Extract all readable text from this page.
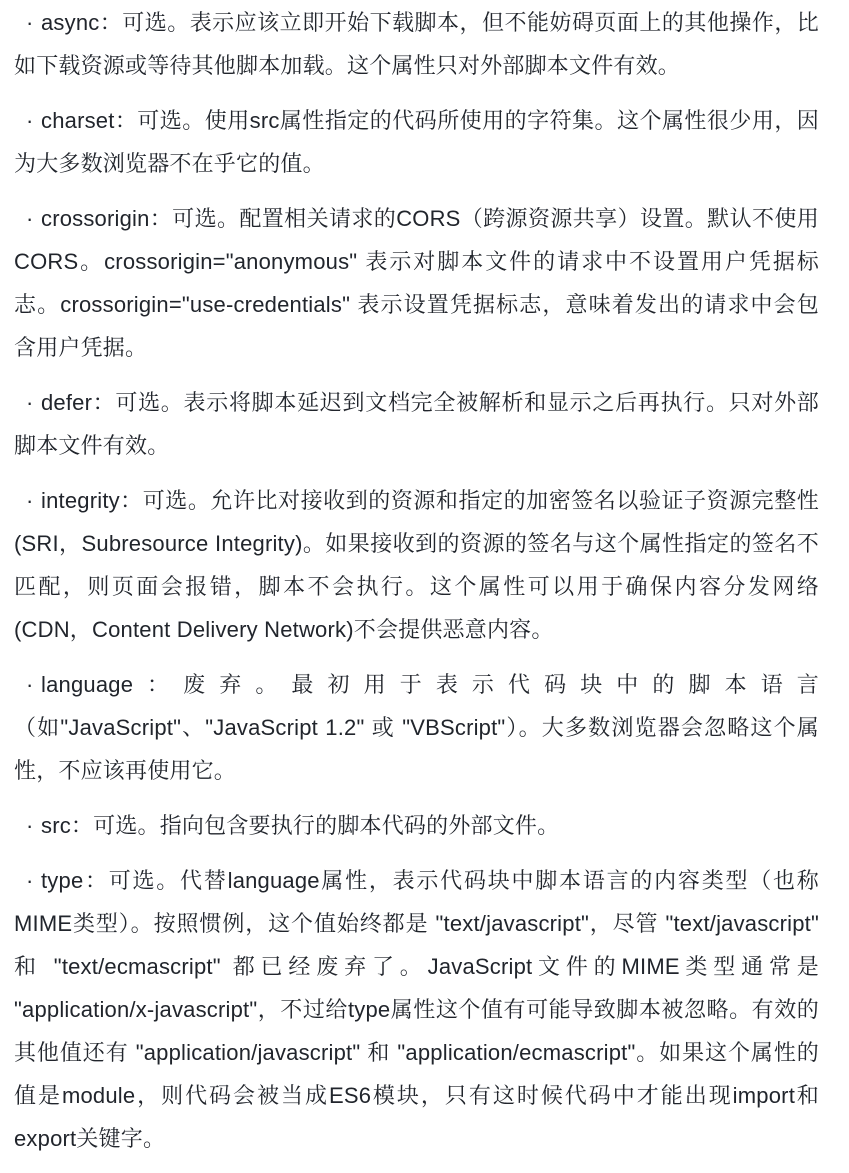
· async：可选。表示应该立即开始下载脚本，但不能妨碍页面上的其他操作，比如下载资源或等待其他脚本加载。这个属性只对外部脚本文件有效。

· charset：可选。使用src属性指定的代码所使用的字符集。这个属性很少用，因为大多数浏览器不在乎它的值。

· crossorigin：可选。配置相关请求的CORS（跨源资源共享）设置。默认不使用CORS。crossorigin="anonymous" 表示对脚本文件的请求中不设置用户凭据标志。crossorigin="use-credentials" 表示设置凭据标志，意味着发出的请求中会包含用户凭据。

· defer：可选。表示将脚本延迟到文档完全被解析和显示之后再执行。只对外部脚本文件有效。

· integrity：可选。允许比对接收到的资源和指定的加密签名以验证子资源完整性(SRI，Subresource Integrity)。如果接收到的资源的签名与这个属性指定的签名不匹配，则页面会报错，脚本不会执行。这个属性可以用于确保内容分发网络(CDN，Content Delivery Network)不会提供恶意内容。

· language：废弃。最初用于表示代码块中的脚本语言（如"JavaScript"、"JavaScript 1.2" 或 "VBScript"）。大多数浏览器会忽略这个属性，不应该再使用它。

· src：可选。指向包含要执行的脚本代码的外部文件。

· type：可选。代替language属性，表示代码块中脚本语言的内容类型（也称MIME类型）。按照惯例，这个值始终都是 "text/javascript"，尽管 "text/javascript" 和 "text/ecmascript" 都已经废弃了。JavaScript文件的MIME类型通常是 "application/x-javascript"，不过给type属性这个值有可能导致脚本被忽略。有效的其他值还有 "application/javascript" 和 "application/ecmascript"。如果这个属性的值是module，则代码会被当成ES6模块，只有这时候代码中才能出现import和export关键字。
